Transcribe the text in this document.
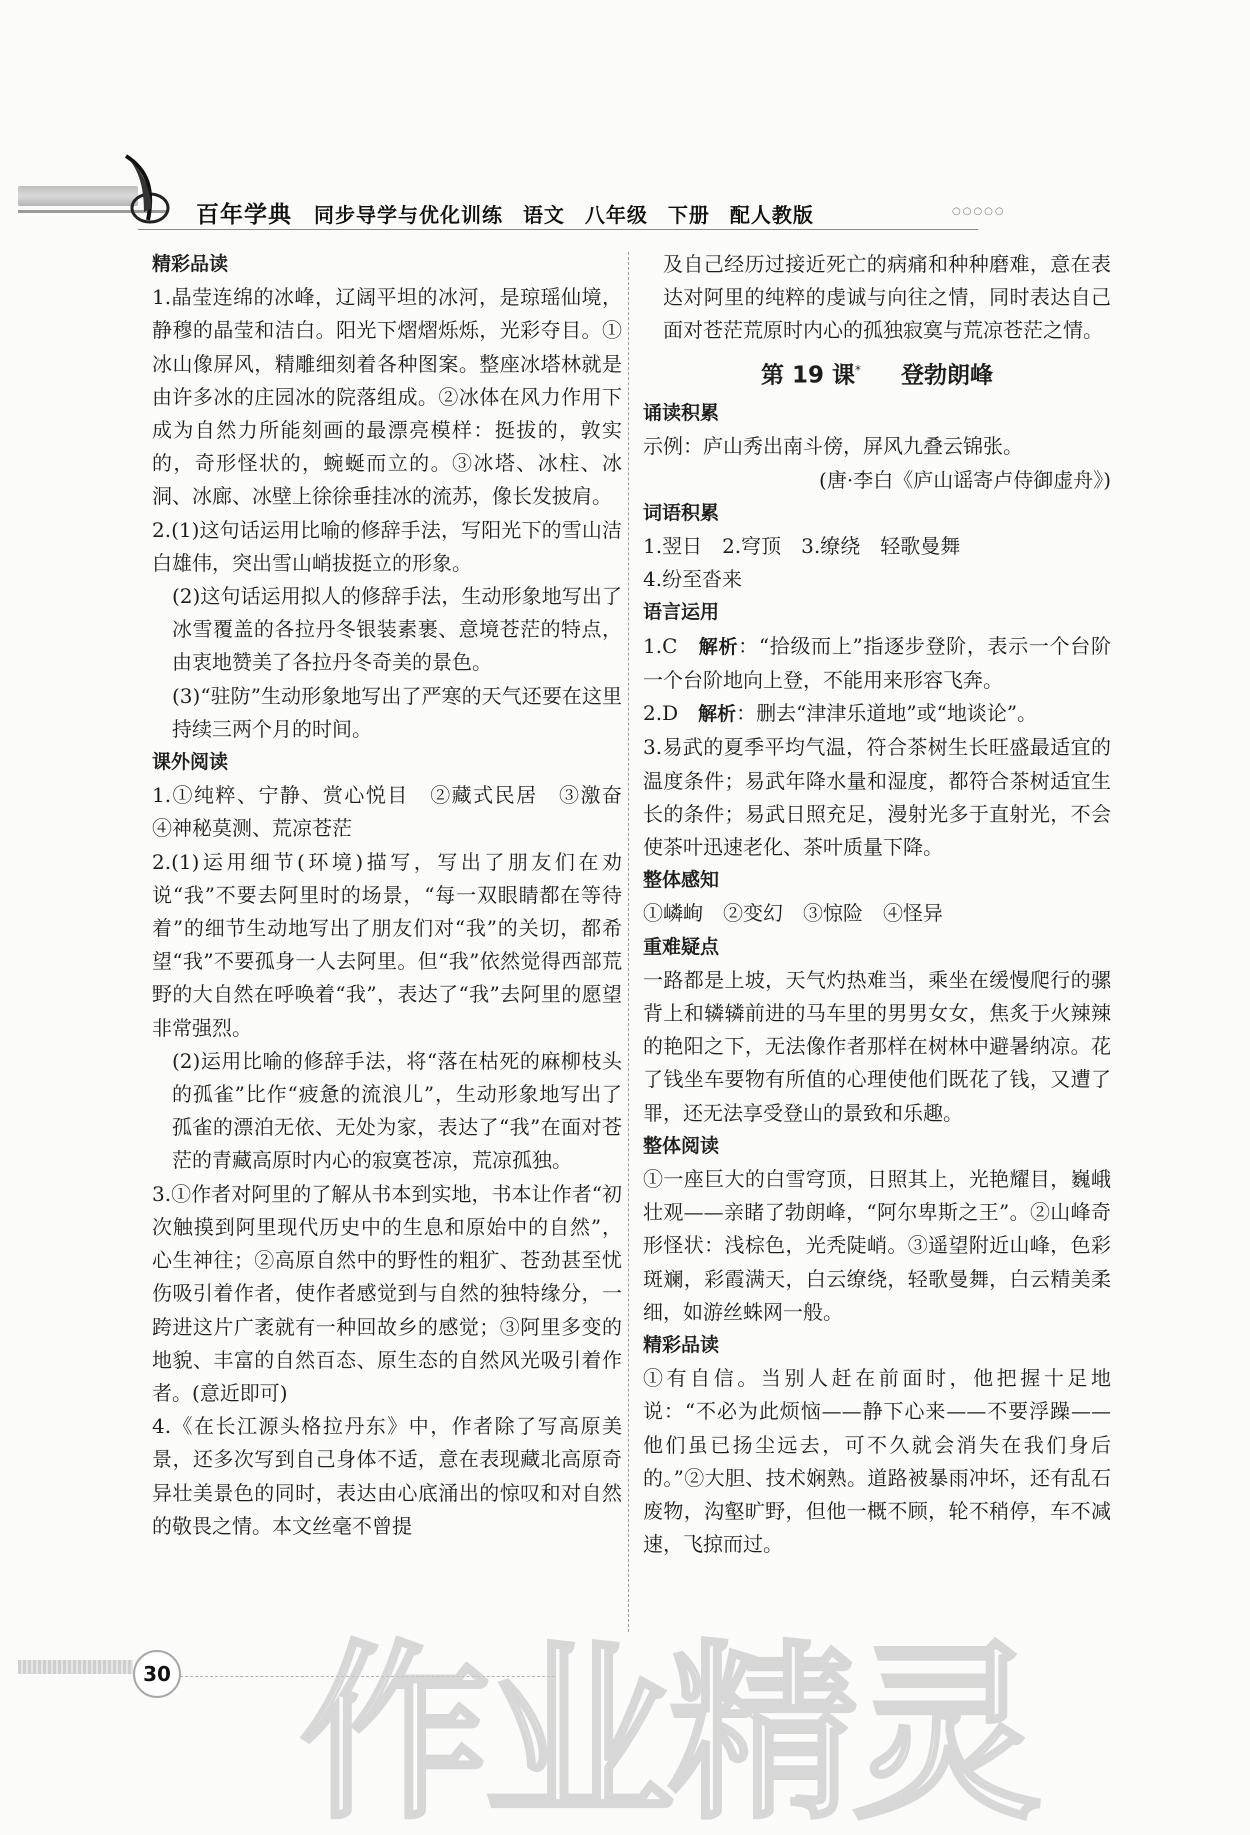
百年学典 同步导学与优化训练 语文 八年级 下册 配人教版	○○○○○
精彩品读

1.晶莹连绵的冰峰，辽阔平坦的冰河，是琼瑶仙境，静穆的晶莹和洁白。阳光下熠熠烁烁，光彩夺目。①冰山像屏风，精雕细刻着各种图案。整座冰塔林就是由许多冰的庄园冰的院落组成。②冰体在风力作用下成为自然力所能刻画的最漂亮模样：挺拔的，敦实的，奇形怪状的，蜿蜒而立的。③冰塔、冰柱、冰洞、冰廊、冰壁上徐徐垂挂冰的流苏，像长发披肩。

2.(1)这句话运用比喻的修辞手法，写阳光下的雪山洁白雄伟，突出雪山峭拔挺立的形象。

(2)这句话运用拟人的修辞手法，生动形象地写出了冰雪覆盖的各拉丹冬银装素裹、意境苍茫的特点，由衷地赞美了各拉丹冬奇美的景色。

(3)“驻防”生动形象地写出了严寒的天气还要在这里持续三两个月的时间。

课外阅读

1.①纯粹、宁静、赏心悦目　②藏式民居　③激奋　④神秘莫测、荒凉苍茫

2.(1)运用细节(环境)描写，写出了朋友们在劝说“我”不要去阿里时的场景，“每一双眼睛都在等待着”的细节生动地写出了朋友们对“我”的关切，都希望“我”不要孤身一人去阿里。但“我”依然觉得西部荒野的大自然在呼唤着“我”，表达了“我”去阿里的愿望非常强烈。

(2)运用比喻的修辞手法，将“落在枯死的麻柳枝头的孤雀”比作“疲惫的流浪儿”，生动形象地写出了孤雀的漂泊无依、无处为家，表达了“我”在面对苍茫的青藏高原时内心的寂寞苍凉，荒凉孤独。

3.①作者对阿里的了解从书本到实地，书本让作者“初次触摸到阿里现代历史中的生息和原始中的自然”，心生神往；②高原自然中的野性的粗犷、苍劲甚至忧伤吸引着作者，使作者感觉到与自然的独特缘分，一跨进这片广袤就有一种回故乡的感觉；③阿里多变的地貌、丰富的自然百态、原生态的自然风光吸引着作者。(意近即可)

4.《在长江源头格拉丹东》中，作者除了写高原美景，还多次写到自己身体不适，意在表现藏北高原奇异壮美景色的同时，表达由心底涌出的惊叹和对自然的敬畏之情。本文丝毫不曾提

及自己经历过接近死亡的病痛和种种磨难，意在表达对阿里的纯粹的虔诚与向往之情，同时表达自己面对苍茫荒原时内心的孤独寂寞与荒凉苍茫之情。

第 19 课* 登勃朗峰
诵读积累

示例：庐山秀出南斗傍，屏风九叠云锦张。

(唐·李白《庐山谣寄卢侍御虚舟》)

词语积累

1.翌日　2.穹顶　3.缭绕　轻歌曼舞

4.纷至沓来

语言运用

1.C　解析：“拾级而上”指逐步登阶，表示一个台阶一个台阶地向上登，不能用来形容飞奔。

2.D　解析：删去“津津乐道地”或“地谈论”。

3.易武的夏季平均气温，符合茶树生长旺盛最适宜的温度条件；易武年降水量和湿度，都符合茶树适宜生长的条件；易武日照充足，漫射光多于直射光，不会使茶叶迅速老化、茶叶质量下降。

整体感知

①嶙峋　②变幻　③惊险　④怪异

重难疑点

一路都是上坡，天气灼热难当，乘坐在缓慢爬行的骡背上和辚辚前进的马车里的男男女女，焦炙于火辣辣的艳阳之下，无法像作者那样在树林中避暑纳凉。花了钱坐车要物有所值的心理使他们既花了钱，又遭了罪，还无法享受登山的景致和乐趣。

整体阅读

①一座巨大的白雪穹顶，日照其上，光艳耀目，巍峨壮观——亲睹了勃朗峰，“阿尔卑斯之王”。②山峰奇形怪状：浅棕色，光秃陡峭。③遥望附近山峰，色彩斑斓，彩霞满天，白云缭绕，轻歌曼舞，白云精美柔细，如游丝蛛网一般。

精彩品读

①有自信。当别人赶在前面时，他把握十足地说：“不必为此烦恼——静下心来——不要浮躁——他们虽已扬尘远去，可不久就会消失在我们身后的。”②大胆、技术娴熟。道路被暴雨冲坏，还有乱石废物，沟壑旷野，但他一概不顾，轮不稍停，车不减速，飞掠而过。

30 作业精灵
